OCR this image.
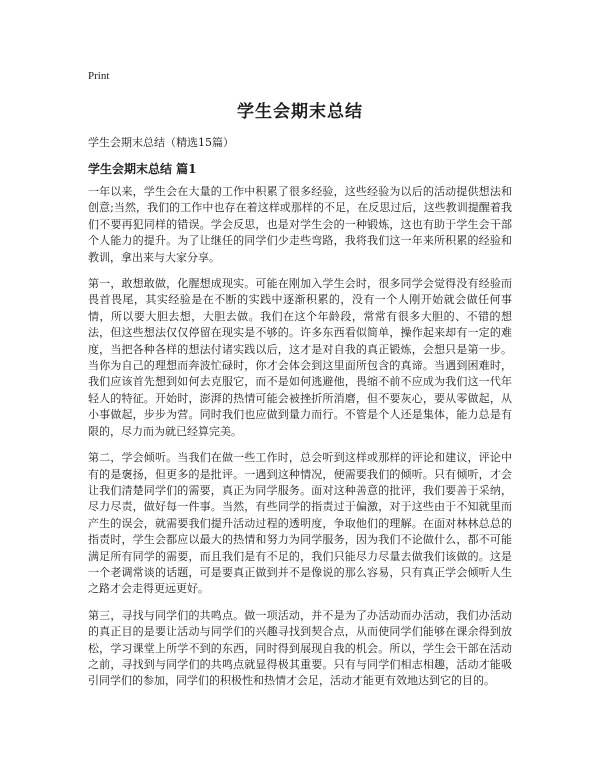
Print
学生会期末总结

学生会期末总结（精选15篇）

学生会期末总结 篇1

一年以来，学生会在大量的工作中积累了很多经验，这些经验为以后的活动提供想法和创意;当然，我们的工作中也存在着这样或那样的不足，在反思过后，这些教训提醒着我们不要再犯同样的错误。学会反思，也是对学生会的一种锻炼，这也有助于学生会干部个人能力的提升。为了让继任的同学们少走些弯路，我将我们这一年来所积累的经验和教训，拿出来与大家分享。

第一，敢想敢做，化腥想成现实。可能在刚加入学生会时，很多同学会觉得没有经验而畏首畏尾，其实经验是在不断的实践中逐渐积累的，没有一个人刚开始就会做任何事情，所以要大胆去想，大胆去做。我们在这个年龄段，常常有很多大胆的、不错的想法，但这些想法仅仅停留在现实是不够的。许多东西看似简单，操作起来却有一定的难度，当把各种各样的想法付诸实践以后，这才是对自我的真正锻炼，会想只是第一步。当你为自己的理想而奔波忙碌时，你才会体会到这里面所包含的真谛。当遇到困难时，我们应该首先想到如何去克服它，而不是如何逃避他，畏缩不前不应成为我们这一代年轻人的特征。开始时，澎湃的热情可能会被挫折所消磨，但不要灰心，要从零做起，从小事做起，步步为营。同时我们也应做到量力而行。不管是个人还是集体，能力总是有限的，尽力而为就已经算完美。

第二，学会倾听。当我们在做一些工作时，总会听到这样或那样的评论和建议，评论中有的是褒扬，但更多的是批评。一遇到这种情况，便需要我们的倾听。只有倾听，才会让我们清楚同学们的需要，真正为同学服务。面对这种善意的批评，我们要善于采纳，尽力尽责，做好每一件事。当然，有些同学的指责过于偏激，对于这些由于不知就里而产生的误会，就需要我们提升活动过程的透明度，争取他们的理解。在面对林林总总的指责时，学生会都应以最大的热情和努力为同学服务，因为我们不论做什么，都不可能满足所有同学的需要，而且我们是有不足的，我们只能尽力尽量去做我们该做的。这是一个老调常谈的话题，可是要真正做到并不是像说的那么容易，只有真正学会倾听人生之路才会走得更远更好。

第三，寻找与同学们的共鸣点。做一项活动，并不是为了办活动而办活动，我们办活动的真正目的是要让活动与同学们的兴趣寻找到契合点，从而使同学们能够在课余得到放松，学习课堂上所学不到的东西，同时得到展现自我的机会。所以，学生会干部在活动之前，寻找到与同学们的共鸣点就显得极其重要。只有与同学们相志相趣，活动才能吸引同学们的参加，同学们的积极性和热情才会足，活动才能更有效地达到它的目的。
